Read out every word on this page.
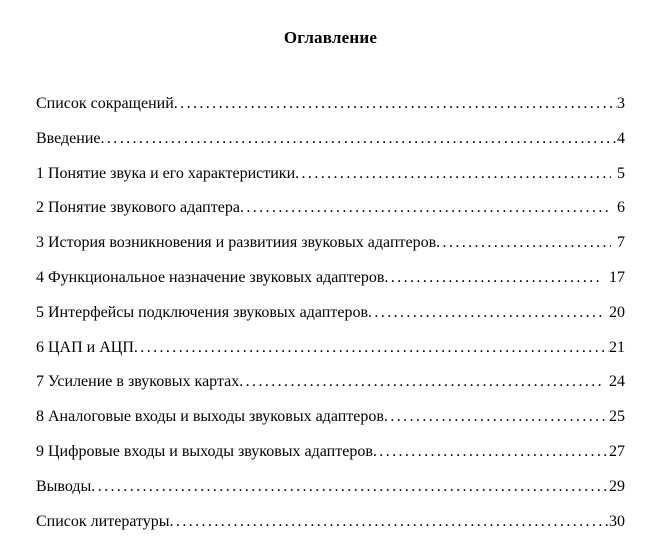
Оглавление
Список сокращений .....	3
Введение .....	4
1 Понятие звука и его характеристики .....	5
2 Понятие звукового адаптера .....	6
3 История возникновения и развитиия звуковых адаптеров .....	7
4 Функциональное назначение звуковых адаптеров .....	17
5 Интерфейсы подключения звуковых адаптеров .....	20
6 ЦАП и АЦП .....	21
7 Усиление в звуковых картах .....	24
8 Аналоговые входы и выходы звуковых адаптеров .....	25
9 Цифровые входы и выходы звуковых адаптеров .....	27
Выводы .....	29
Список литературы .....	30
